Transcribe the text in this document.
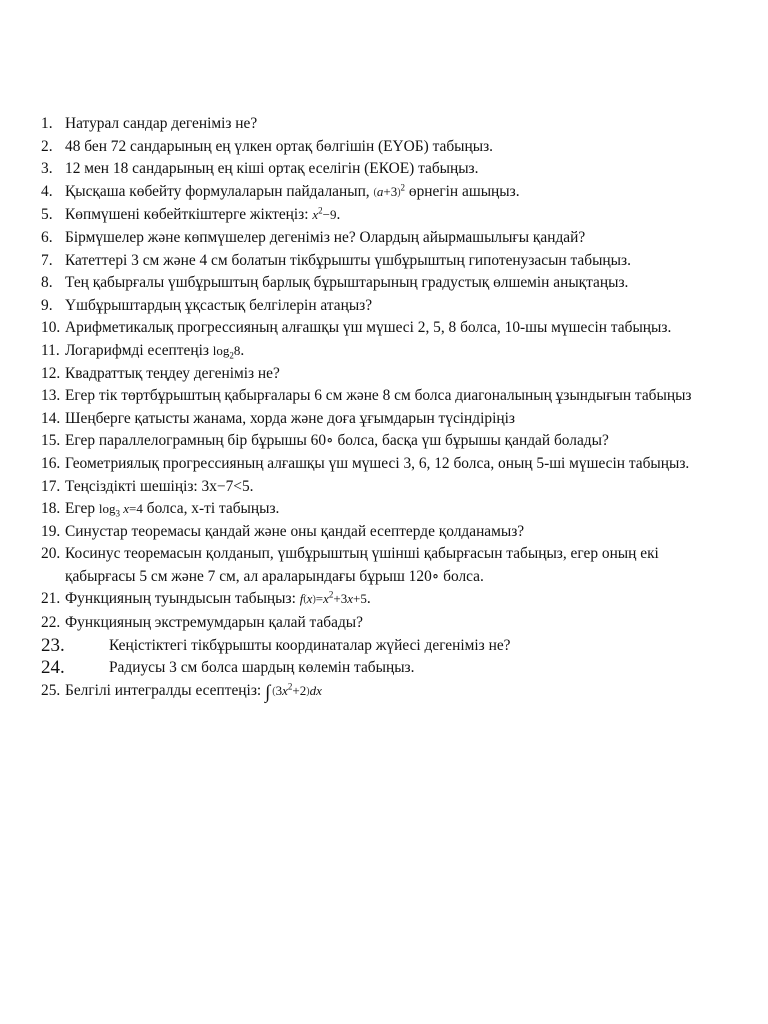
1. Натурал сандар дегеніміз не?
2. 48 бен 72 сандарының ең үлкен ортақ бөлгішін (ЕҮОБ) табыңыз.
3. 12 мен 18 сандарының ең кіші ортақ еселігін (ЕКОЕ) табыңыз.
4. Қысқаша көбейту формулаларын пайдаланып, $(a+3)^2$ өрнегін ашыңыз.
5. Көпмүшені көбейткіштерге жіктеңіз: $x^2-9$.
6. Бірмүшелер және көпмүшелер дегеніміз не? Олардың айырмашылығы қандай?
7. Катеттері 3 см және 4 см болатын тікбұрышты үшбұрыштың гипотенузасын табыңыз.
8. Тең қабырғалы үшбұрыштың барлық бұрыштарының градустық өлшемін анықтаңыз.
9. Үшбұрыштардың ұқсастық белгілерін атаңыз?
10. Арифметикалық прогрессияның алғашқы үш мүшесі 2, 5, 8 болса, 10-шы мүшесін табыңыз.
11. Логарифмді есептеңіз $\log_28$.
12. Квадраттық теңдеу дегеніміз не?
13. Егер тік төртбұрыштың қабырғалары 6 см және 8 см болса диагоналының ұзындығын табыңыз
14. Шеңберге қатысты жанама, хорда және доға ұғымдарын түсіндіріңіз
15. Егер параллелограмның бір бұрышы 60∘ болса, басқа үш бұрышы қандай болады?
16. Геометриялық прогрессияның алғашқы үш мүшесі 3, 6, 12 болса, оның 5-ші мүшесін табыңыз.
17. Теңсіздікті шешіңіз: 3x−7<5.
18. Егер $\log_3 x=4$ болса, x-ті табыңыз.
19. Синустар теоремасы қандай және оны қандай есептерде қолданамыз?
20. Косинус теоремасын қолданып, үшбұрыштың үшінші қабырғасын табыңыз, егер оның екі қабырғасы 5 см және 7 см, ал араларындағы бұрыш 120∘ болса.
21. Функцияның туындысын табыңыз: $f(x)=x^2+3x+5$.
22. Функцияның экстремумдарын қалай табады?
23.	Кеңістіктегі тікбұрышты координаталар жүйесі дегеніміз не?
24.	Радиусы 3 см болса шардың көлемін табыңыз.
25. Белгілі интегралды есептеңіз: ∫ $(3x^2+2)dx$
